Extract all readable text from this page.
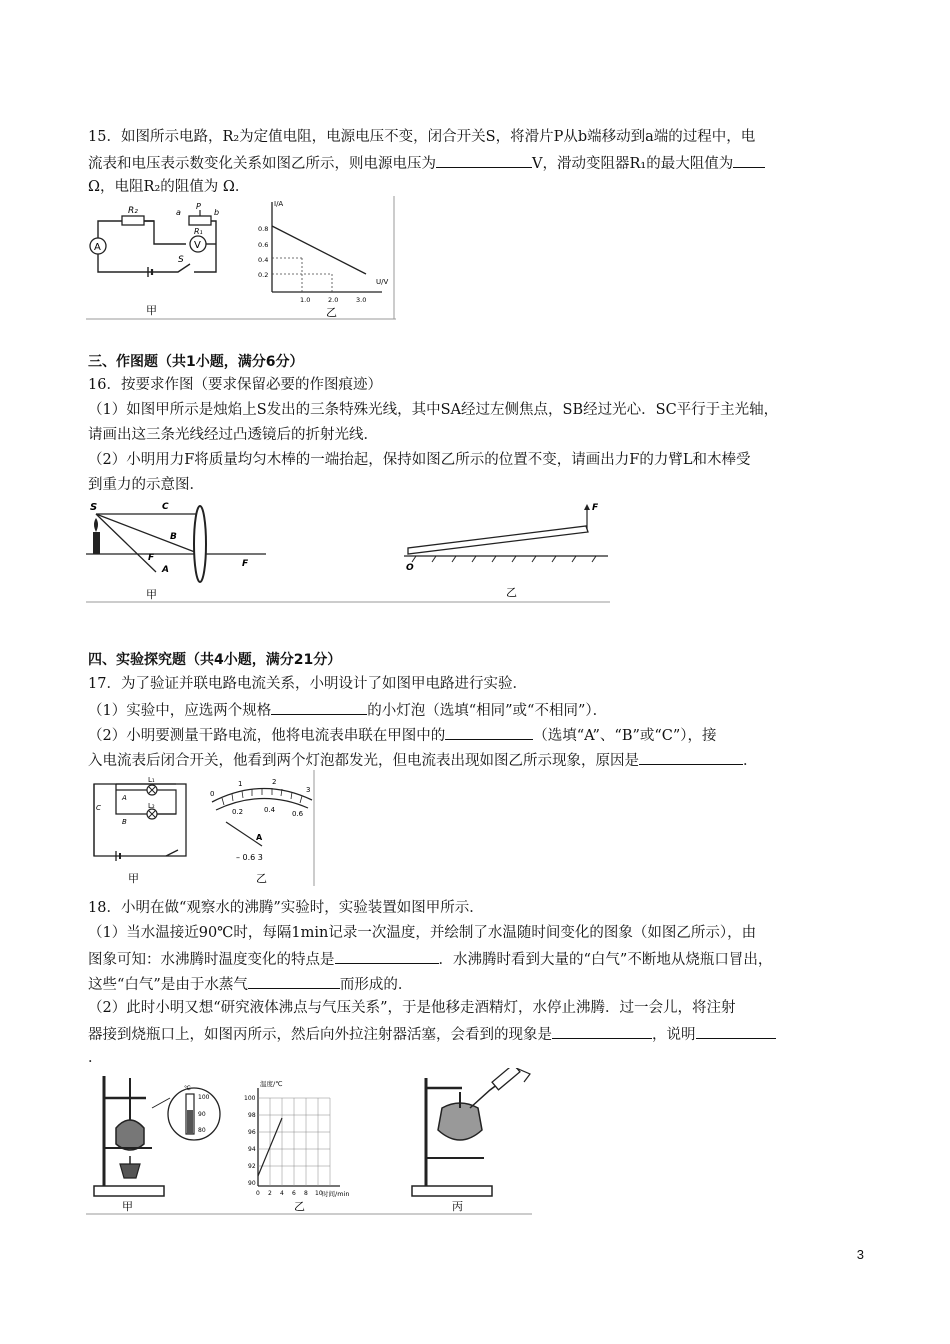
15．如图所示电路，R₂为定值电阻，电源电压不变，闭合开关S，将滑片P从b端移动到a端的过程中，电
流表和电压表示数变化关系如图乙所示，则电源电压为	V，滑动变阻器R₁的最大阻值为
Ω，电阻R₂的阻值为 Ω．
R₂
A
S
a	b
P
R₁
V
甲
I/A
U/V
0.8
0.6
0.4
0.2
1.0	2.0	3.0
乙
三、作图题（共1小题，满分6分）
16．按要求作图（要求保留必要的作图痕迹）
（1）如图甲所示是烛焰上S发出的三条特殊光线，其中SA经过左侧焦点，SB经过光心．SC平行于主光轴，
请画出这三条光线经过凸透镜后的折射光线．
（2）小明用力F将质量均匀木棒的一端抬起，保持如图乙所示的位置不变，请画出力F的力臂L和木棒受
到重力的示意图．
S	C
B
F
A
F
甲
F
O
乙
四、实验探究题（共4小题，满分21分）
17．为了验证并联电路电流关系，小明设计了如图甲电路进行实验．
（1）实验中，应选两个规格	的小灯泡（选填“相同”或“不相同”）．
（2）小明要测量干路电流，他将电流表串联在甲图中的	（选填“A”、“B”或“C”），接
入电流表后闭合开关，他看到两个灯泡都发光，但电流表出现如图乙所示现象，原因是	．
L₁
L₂
A
B
C
甲
0
1	2
3
0.2	0.4 0.6
A
– 0.6 3
乙
18．小明在做“观察水的沸腾”实验时，实验装置如图甲所示．
（1）当水温接近90℃时，每隔1min记录一次温度，并绘制了水温随时间变化的图象（如图乙所示），由
图象可知：水沸腾时温度变化的特点是	．水沸腾时看到大量的“白气”不断地从烧瓶口冒出，
这些“白气”是由于水蒸气	而形成的．
（2）此时小明又想“研究液体沸点与气压关系”，于是他移走酒精灯，水停止沸腾．过一会儿，将注射
器接到烧瓶口上，如图丙所示，然后向外拉注射器活塞，会看到的现象是	，说明
．
100
90
80
℃
甲
温度/℃
时间/min
100
98
96
94
92
90
0 2 4 6 8 10
乙	丙
3
